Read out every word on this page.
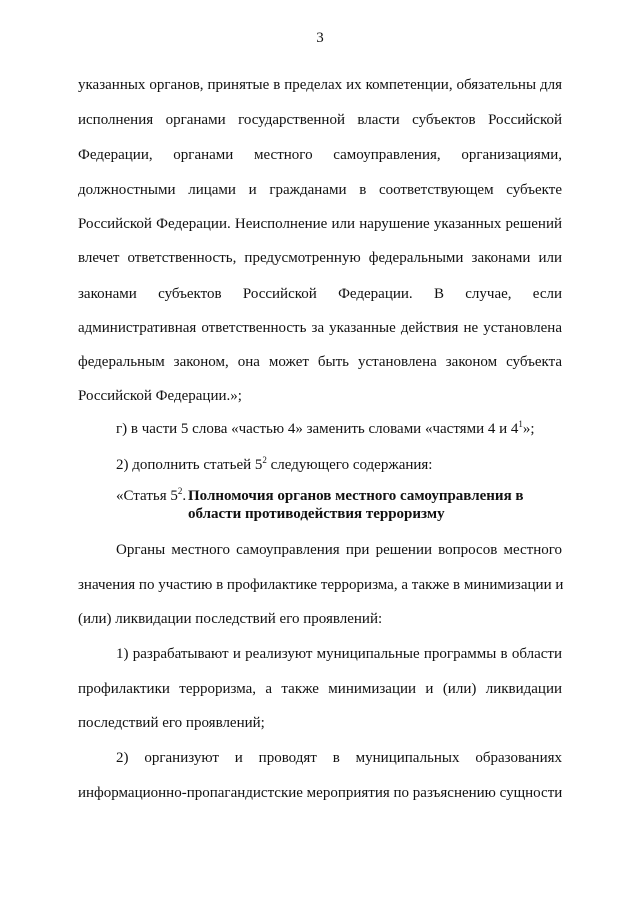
3
указанных органов, принятые в пределах их компетенции, обязательны для
исполнения органами государственной власти субъектов Российской
Федерации, органами местного самоуправления, организациями,
должностными лицами и гражданами в соответствующем субъекте
Российской Федерации. Неисполнение или нарушение указанных решений
влечет ответственность, предусмотренную федеральными законами или
законами субъектов Российской Федерации. В случае, если
административная ответственность за указанные действия не установлена
федеральным законом, она может быть установлена законом субъекта
Российской Федерации.»;
г) в части 5 слова «частью 4» заменить словами «частями 4 и $4^1$»;
2) дополнить статьей $5^2$ следующего содержания:
«Статья $5^2$. Полномочия органов местного самоуправления в
области противодействия терроризму
Органы местного самоуправления при решении вопросов местного
значения по участию в профилактике терроризма, а также в минимизации и
(или) ликвидации последствий его проявлений:
1) разрабатывают и реализуют муниципальные программы в области
профилактики терроризма, а также минимизации и (или) ликвидации
последствий его проявлений;
2) организуют и проводят в муниципальных образованиях
информационно-пропагандистские мероприятия по разъяснению сущности
